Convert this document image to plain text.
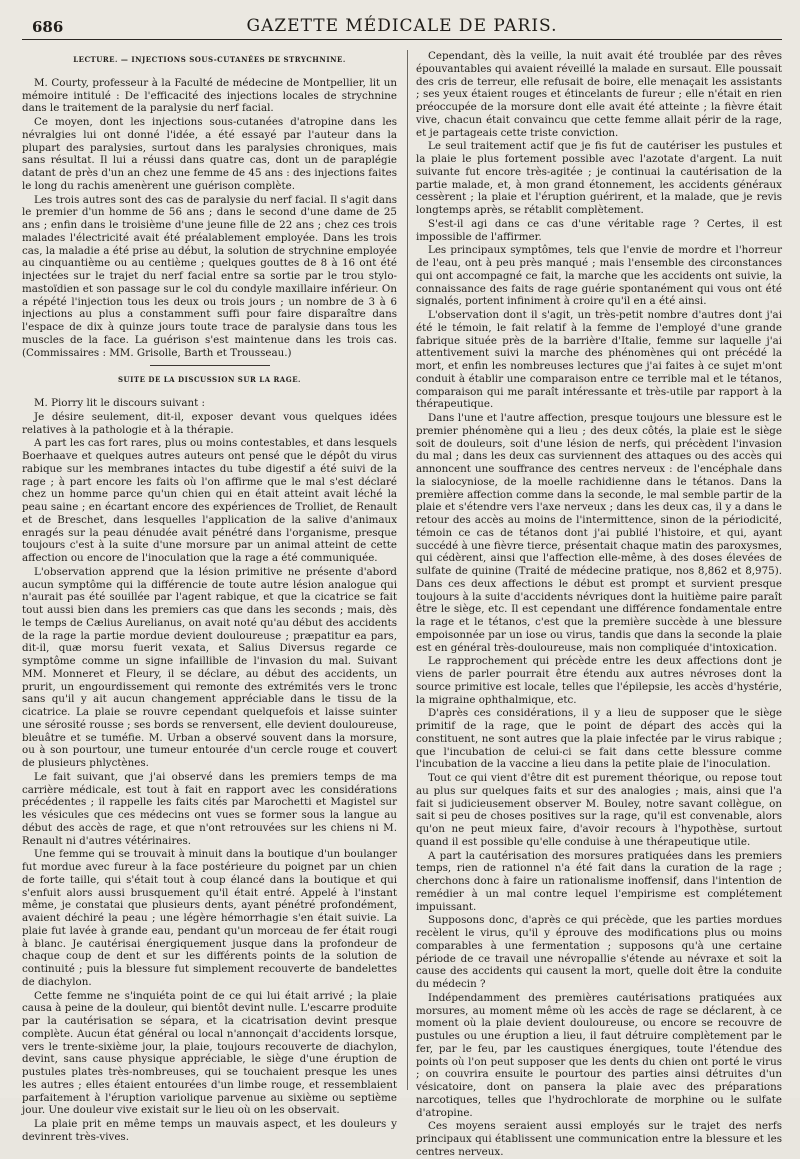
686	GAZETTE MÉDICALE DE PARIS.
LECTURE. — INJECTIONS SOUS-CUTANÉES DE STRYCHNINE.

M. Courty, professeur à la Faculté de médecine de Montpellier, lit un mémoire intitulé : De l'efficacité des injections locales de strychnine dans le traitement de la paralysie du nerf facial.

Ce moyen, dont les injections sous-cutanées d'atropine dans les névralgies lui ont donné l'idée, a été essayé par l'auteur dans la plupart des paralysies, surtout dans les paralysies chroniques, mais sans résultat. Il lui a réussi dans quatre cas, dont un de paraplégie datant de près d'un an chez une femme de 45 ans : des injections faites le long du rachis amenèrent une guérison complète.

Les trois autres sont des cas de paralysie du nerf facial. Il s'agit dans le premier d'un homme de 56 ans ; dans le second d'une dame de 25 ans ; enfin dans le troisième d'une jeune fille de 22 ans ; chez ces trois malades l'électricité avait été préalablement employée. Dans les trois cas, la maladie a été prise au début, la solution de strychnine employée au cinquantième ou au centième ; quelques gouttes de 8 à 16 ont été injectées sur le trajet du nerf facial entre sa sortie par le trou stylo-mastoïdien et son passage sur le col du condyle maxillaire inférieur. On a répété l'injection tous les deux ou trois jours ; un nombre de 3 à 6 injections au plus a constamment suffi pour faire disparaître dans l'espace de dix à quinze jours toute trace de paralysie dans tous les muscles de la face. La guérison s'est maintenue dans les trois cas. (Commissaires : MM. Grisolle, Barth et Trousseau.)

SUITE DE LA DISCUSSION SUR LA RAGE.

M. Piorry lit le discours suivant :

Je désire seulement, dit-il, exposer devant vous quelques idées relatives à la pathologie et à la thérapie.

A part les cas fort rares, plus ou moins contestables, et dans lesquels Boerhaave et quelques autres auteurs ont pensé que le dépôt du virus rabique sur les membranes intactes du tube digestif a été suivi de la rage ; à part encore les faits où l'on affirme que le mal s'est déclaré chez un homme parce qu'un chien qui en était atteint avait léché la peau saine ; en écartant encore des expériences de Trolliet, de Renault et de Breschet, dans lesquelles l'application de la salive d'animaux enragés sur la peau dénudée avait pénétré dans l'organisme, presque toujours c'est à la suite d'une morsure par un animal atteint de cette affection ou encore de l'inoculation que la rage a été communiquée.

L'observation apprend que la lésion primitive ne présente d'abord aucun symptôme qui la différencie de toute autre lésion analogue qui n'aurait pas été souillée par l'agent rabique, et que la cicatrice se fait tout aussi bien dans les premiers cas que dans les seconds ; mais, dès le temps de Cælius Aurelianus, on avait noté qu'au début des accidents de la rage la partie mordue devient douloureuse ; præpatitur ea pars, dit-il, quæ morsu fuerit vexata, et Salius Diversus regarde ce symptôme comme un signe infaillible de l'invasion du mal. Suivant MM. Monneret et Fleury, il se déclare, au début des accidents, un prurit, un engourdissement qui remonte des extrémités vers le tronc sans qu'il y ait aucun changement appréciable dans le tissu de la cicatrice. La plaie se rouvre cependant quelquefois et laisse suinter une sérosité rousse ; ses bords se renversent, elle devient douloureuse, bleuâtre et se tuméfie. M. Urban a observé souvent dans la morsure, ou à son pourtour, une tumeur entourée d'un cercle rouge et couvert de plusieurs phlyctènes.

Le fait suivant, que j'ai observé dans les premiers temps de ma carrière médicale, est tout à fait en rapport avec les considérations précédentes ; il rappelle les faits cités par Marochetti et Magistel sur les vésicules que ces médecins ont vues se former sous la langue au début des accès de rage, et que n'ont retrouvées sur les chiens ni M. Renault ni d'autres vétérinaires.

Une femme qui se trouvait à minuit dans la boutique d'un boulanger fut mordue avec fureur à la face postérieure du poignet par un chien de forte taille, qui s'était tout à coup élancé dans la boutique et qui s'enfuit alors aussi brusquement qu'il était entré. Appelé à l'instant même, je constatai que plusieurs dents, ayant pénétré profondément, avaient déchiré la peau ; une légère hémorrhagie s'en était suivie. La plaie fut lavée à grande eau, pendant qu'un morceau de fer était rougi à blanc. Je cautérisai énergiquement jusque dans la profondeur de chaque coup de dent et sur les différents points de la solution de continuité ; puis la blessure fut simplement recouverte de bandelettes de diachylon.

Cette femme ne s'inquiéta point de ce qui lui était arrivé ; la plaie causa à peine de la douleur, qui bientôt devint nulle. L'escarre produite par la cautérisation se sépara, et la cicatrisation devint presque complète. Aucun état général ou local n'annonçait d'accidents lorsque, vers le trente-sixième jour, la plaie, toujours recouverte de diachylon, devint, sans cause physique appréciable, le siège d'une éruption de pustules plates très-nombreuses, qui se touchaient presque les unes les autres ; elles étaient entourées d'un limbe rouge, et ressemblaient parfaitement à l'éruption variolique parvenue au sixième ou septième jour. Une douleur vive existait sur le lieu où on les observait.

La plaie prit en même temps un mauvais aspect, et les douleurs y devinrent très-vives.

Cependant, dès la veille, la nuit avait été troublée par des rêves épouvantables qui avaient réveillé la malade en sursaut. Elle poussait des cris de terreur, elle refusait de boire, elle menaçait les assistants ; ses yeux étaient rouges et étincelants de fureur ; elle n'était en rien préoccupée de la morsure dont elle avait été atteinte ; la fièvre était vive, chacun était convaincu que cette femme allait périr de la rage, et je partageais cette triste conviction.

Le seul traitement actif que je fis fut de cautériser les pustules et la plaie le plus fortement possible avec l'azotate d'argent. La nuit suivante fut encore très-agitée ; je continuai la cautérisation de la partie malade, et, à mon grand étonnement, les accidents généraux cessèrent ; la plaie et l'éruption guérirent, et la malade, que je revis longtemps après, se rétablit complètement.

S'est-il agi dans ce cas d'une véritable rage ? Certes, il est impossible de l'affirmer.

Les principaux symptômes, tels que l'envie de mordre et l'horreur de l'eau, ont à peu près manqué ; mais l'ensemble des circonstances qui ont accompagné ce fait, la marche que les accidents ont suivie, la connaissance des faits de rage guérie spontanément qui vous ont été signalés, portent infiniment à croire qu'il en a été ainsi.

L'observation dont il s'agit, un très-petit nombre d'autres dont j'ai été le témoin, le fait relatif à la femme de l'employé d'une grande fabrique située près de la barrière d'Italie, femme sur laquelle j'ai attentivement suivi la marche des phénomènes qui ont précédé la mort, et enfin les nombreuses lectures que j'ai faites à ce sujet m'ont conduit à établir une comparaison entre ce terrible mal et le tétanos, comparaison qui me paraît intéressante et très-utile par rapport à la thérapeutique.

Dans l'une et l'autre affection, presque toujours une blessure est le premier phénomène qui a lieu ; des deux côtés, la plaie est le siège soit de douleurs, soit d'une lésion de nerfs, qui précèdent l'invasion du mal ; dans les deux cas surviennent des attaques ou des accès qui annoncent une souffrance des centres nerveux : de l'encéphale dans la sialocyniose, de la moelle rachidienne dans le tétanos. Dans la première affection comme dans la seconde, le mal semble partir de la plaie et s'étendre vers l'axe nerveux ; dans les deux cas, il y a dans le retour des accès au moins de l'intermittence, sinon de la périodicité, témoin ce cas de tétanos dont j'ai publié l'histoire, et qui, ayant succédé à une fièvre tierce, présentait chaque matin des paroxysmes, qui cédèrent, ainsi que l'affection elle-même, à des doses élevées de sulfate de quinine (Traité de médecine pratique, nos 8,862 et 8,975). Dans ces deux affections le début est prompt et survient presque toujours à la suite d'accidents névriques dont la huitième paire paraît être le siège, etc. Il est cependant une différence fondamentale entre la rage et le tétanos, c'est que la première succède à une blessure empoisonnée par un iose ou virus, tandis que dans la seconde la plaie est en général très-douloureuse, mais non compliquée d'intoxication.

Le rapprochement qui précède entre les deux affections dont je viens de parler pourrait être étendu aux autres névroses dont la source primitive est locale, telles que l'épilepsie, les accès d'hystérie, la migraine ophthalmique, etc.

D'après ces considérations, il y a lieu de supposer que le siège primitif de la rage, que le point de départ des accès qui la constituent, ne sont autres que la plaie infectée par le virus rabique ; que l'incubation de celui-ci se fait dans cette blessure comme l'incubation de la vaccine a lieu dans la petite plaie de l'inoculation.

Tout ce qui vient d'être dit est purement théorique, ou repose tout au plus sur quelques faits et sur des analogies ; mais, ainsi que l'a fait si judicieusement observer M. Bouley, notre savant collègue, on sait si peu de choses positives sur la rage, qu'il est convenable, alors qu'on ne peut mieux faire, d'avoir recours à l'hypothèse, surtout quand il est possible qu'elle conduise à une thérapeutique utile.

A part la cautérisation des morsures pratiquées dans les premiers temps, rien de rationnel n'a été fait dans la curation de la rage ; cherchons donc à faire un rationalisme inoffensif, dans l'intention de remédier à un mal contre lequel l'empirisme est complétement impuissant.

Supposons donc, d'après ce qui précède, que les parties mordues recèlent le virus, qu'il y éprouve des modifications plus ou moins comparables à une fermentation ; supposons qu'à une certaine période de ce travail une névropallie s'étende au névraxe et soit la cause des accidents qui causent la mort, quelle doit être la conduite du médecin ?

Indépendamment des premières cautérisations pratiquées aux morsures, au moment même où les accès de rage se déclarent, à ce moment où la plaie devient douloureuse, ou encore se recouvre de pustules ou une éruption a lieu, il faut détruire complètement par le fer, par le feu, par les caustiques énergiques, toute l'étendue des points où l'on peut supposer que les dents du chien ont porté le virus ; on couvrira ensuite le pourtour des parties ainsi détruites d'un vésicatoire, dont on pansera la plaie avec des préparations narcotiques, telles que l'hydrochlorate de morphine ou le sulfate d'atropine.

Ces moyens seraient aussi employés sur le trajet des nerfs principaux qui établissent une communication entre la blessure et les centres nerveux.
